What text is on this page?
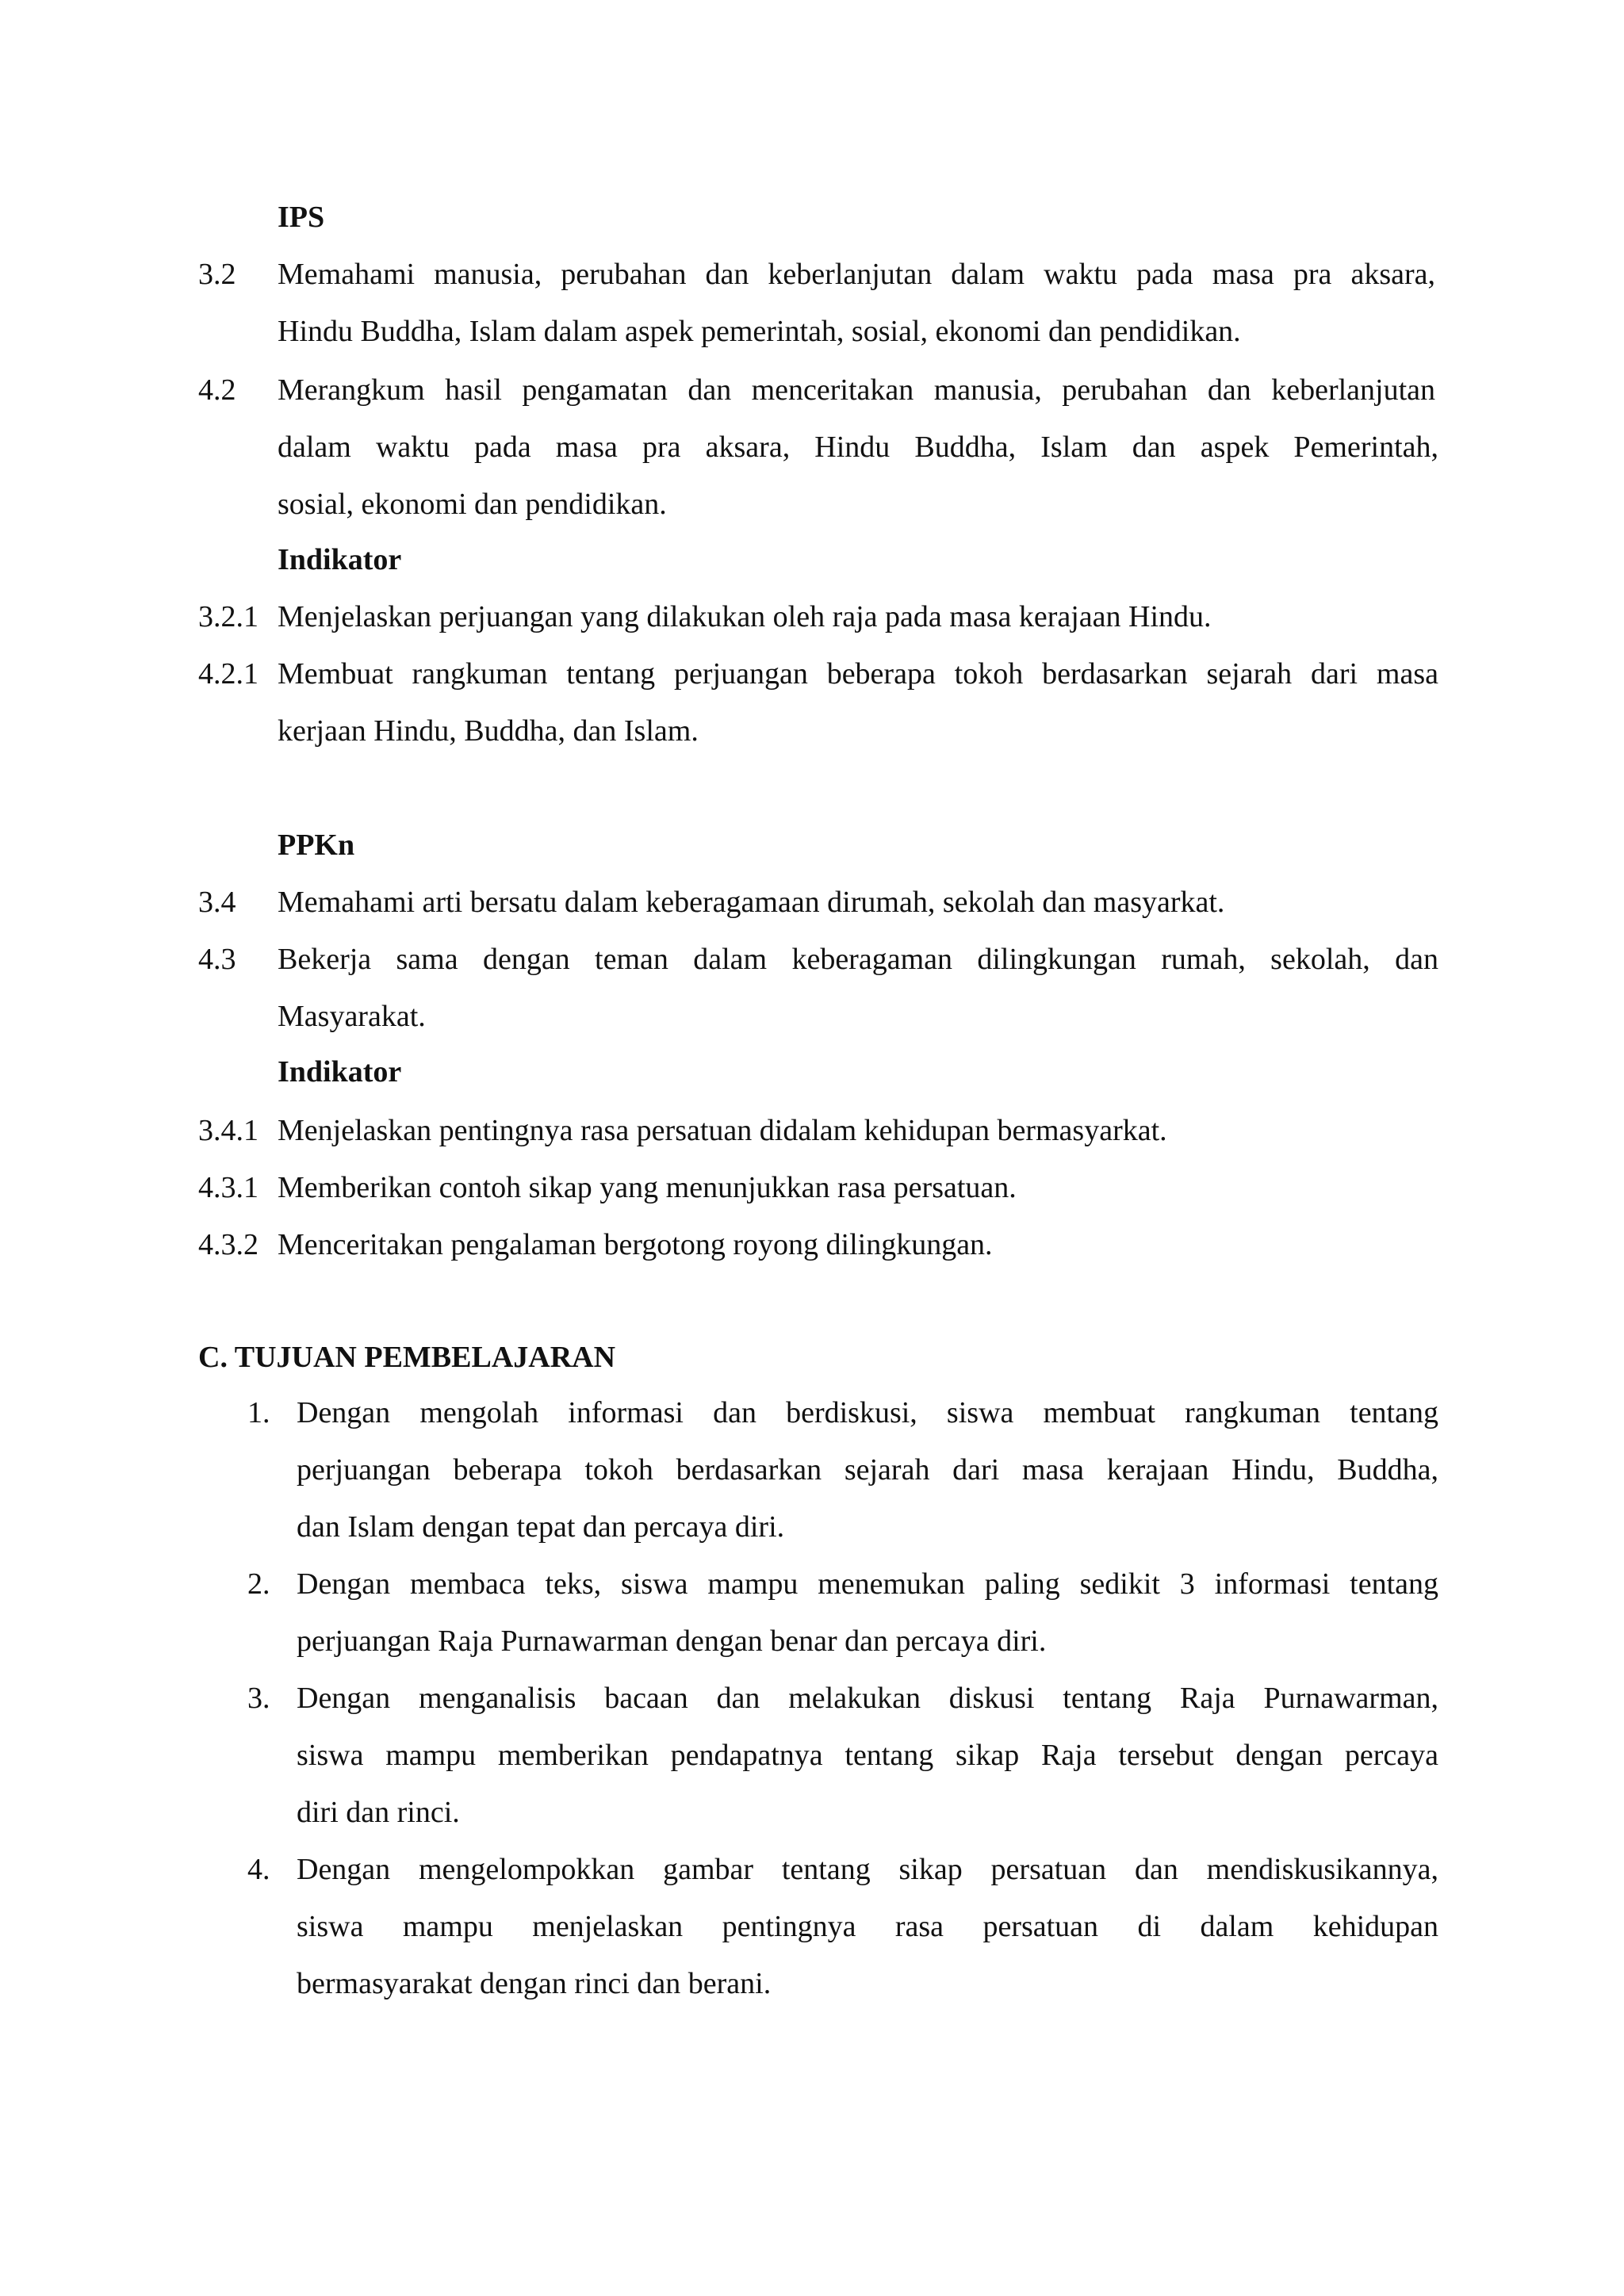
IPS
3.2 Memahami manusia, perubahan dan keberlanjutan dalam waktu pada masa pra aksara,
Hindu Buddha, Islam dalam aspek pemerintah, sosial, ekonomi dan pendidikan.
4.2 Merangkum hasil pengamatan dan menceritakan manusia, perubahan dan keberlanjutan
dalam waktu pada masa pra aksara, Hindu Buddha, Islam dan aspek Pemerintah,
sosial, ekonomi dan pendidikan.
Indikator
3.2.1 Menjelaskan perjuangan yang dilakukan oleh raja pada masa kerajaan Hindu.
4.2.1 Membuat rangkuman tentang perjuangan beberapa tokoh berdasarkan sejarah dari masa
kerjaan Hindu, Buddha, dan Islam.
PPKn
3.4 Memahami arti bersatu dalam keberagamaan dirumah, sekolah dan masyarkat.
4.3 Bekerja sama dengan teman dalam keberagaman dilingkungan rumah, sekolah, dan
Masyarakat.
Indikator
3.4.1 Menjelaskan pentingnya rasa persatuan didalam kehidupan bermasyarkat.
4.3.1 Memberikan contoh sikap yang menunjukkan rasa persatuan.
4.3.2 Menceritakan pengalaman bergotong royong dilingkungan.
C. TUJUAN PEMBELAJARAN
1. Dengan mengolah informasi dan berdiskusi, siswa membuat rangkuman tentang
perjuangan beberapa tokoh berdasarkan sejarah dari masa kerajaan Hindu, Buddha,
dan Islam dengan tepat dan percaya diri.
2. Dengan membaca teks, siswa mampu menemukan paling sedikit 3 informasi tentang
perjuangan Raja Purnawarman dengan benar dan percaya diri.
3. Dengan menganalisis bacaan dan melakukan diskusi tentang Raja Purnawarman,
siswa mampu memberikan pendapatnya tentang sikap Raja tersebut dengan percaya
diri dan rinci.
4. Dengan mengelompokkan gambar tentang sikap persatuan dan mendiskusikannya,
siswa mampu menjelaskan pentingnya rasa persatuan di dalam kehidupan
bermasyarakat dengan rinci dan berani.
